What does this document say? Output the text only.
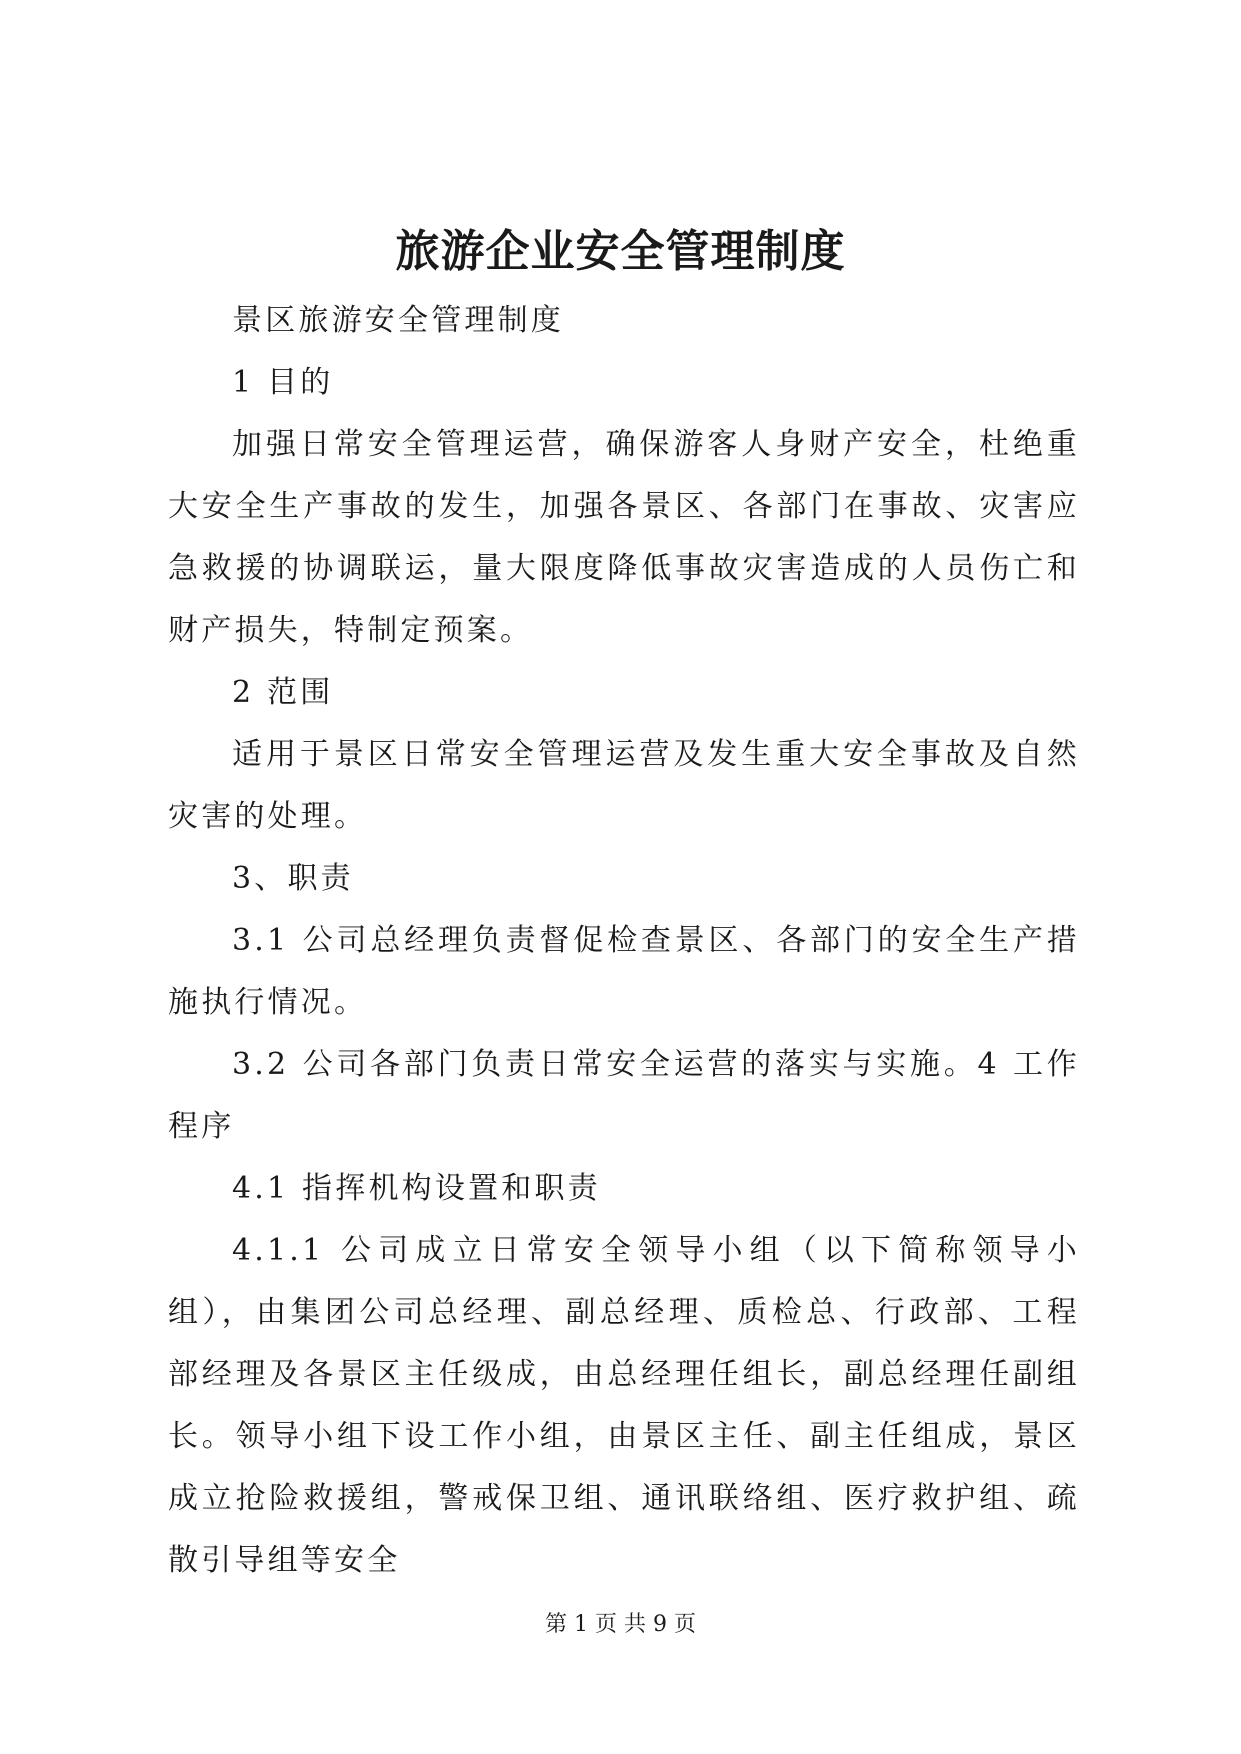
旅游企业安全管理制度

景区旅游安全管理制度

1 目的

加强日常安全管理运营，确保游客人身财产安全，杜绝重大安全生产事故的发生，加强各景区、各部门在事故、灾害应急救援的协调联运，量大限度降低事故灾害造成的人员伤亡和财产损失，特制定预案。

2 范围

适用于景区日常安全管理运营及发生重大安全事故及自然灾害的处理。

3、职责

3.1 公司总经理负责督促检查景区、各部门的安全生产措施执行情况。

3.2 公司各部门负责日常安全运营的落实与实施。4 工作程序

4.1 指挥机构设置和职责

4.1.1 公司成立日常安全领导小组（以下简称领导小组），由集团公司总经理、副总经理、质检总、行政部、工程部经理及各景区主任级成，由总经理任组长，副总经理任副组长。领导小组下设工作小组，由景区主任、副主任组成，景区成立抢险救援组，警戒保卫组、通讯联络组、医疗救护组、疏散引导组等安全

第 1 页 共 9 页
